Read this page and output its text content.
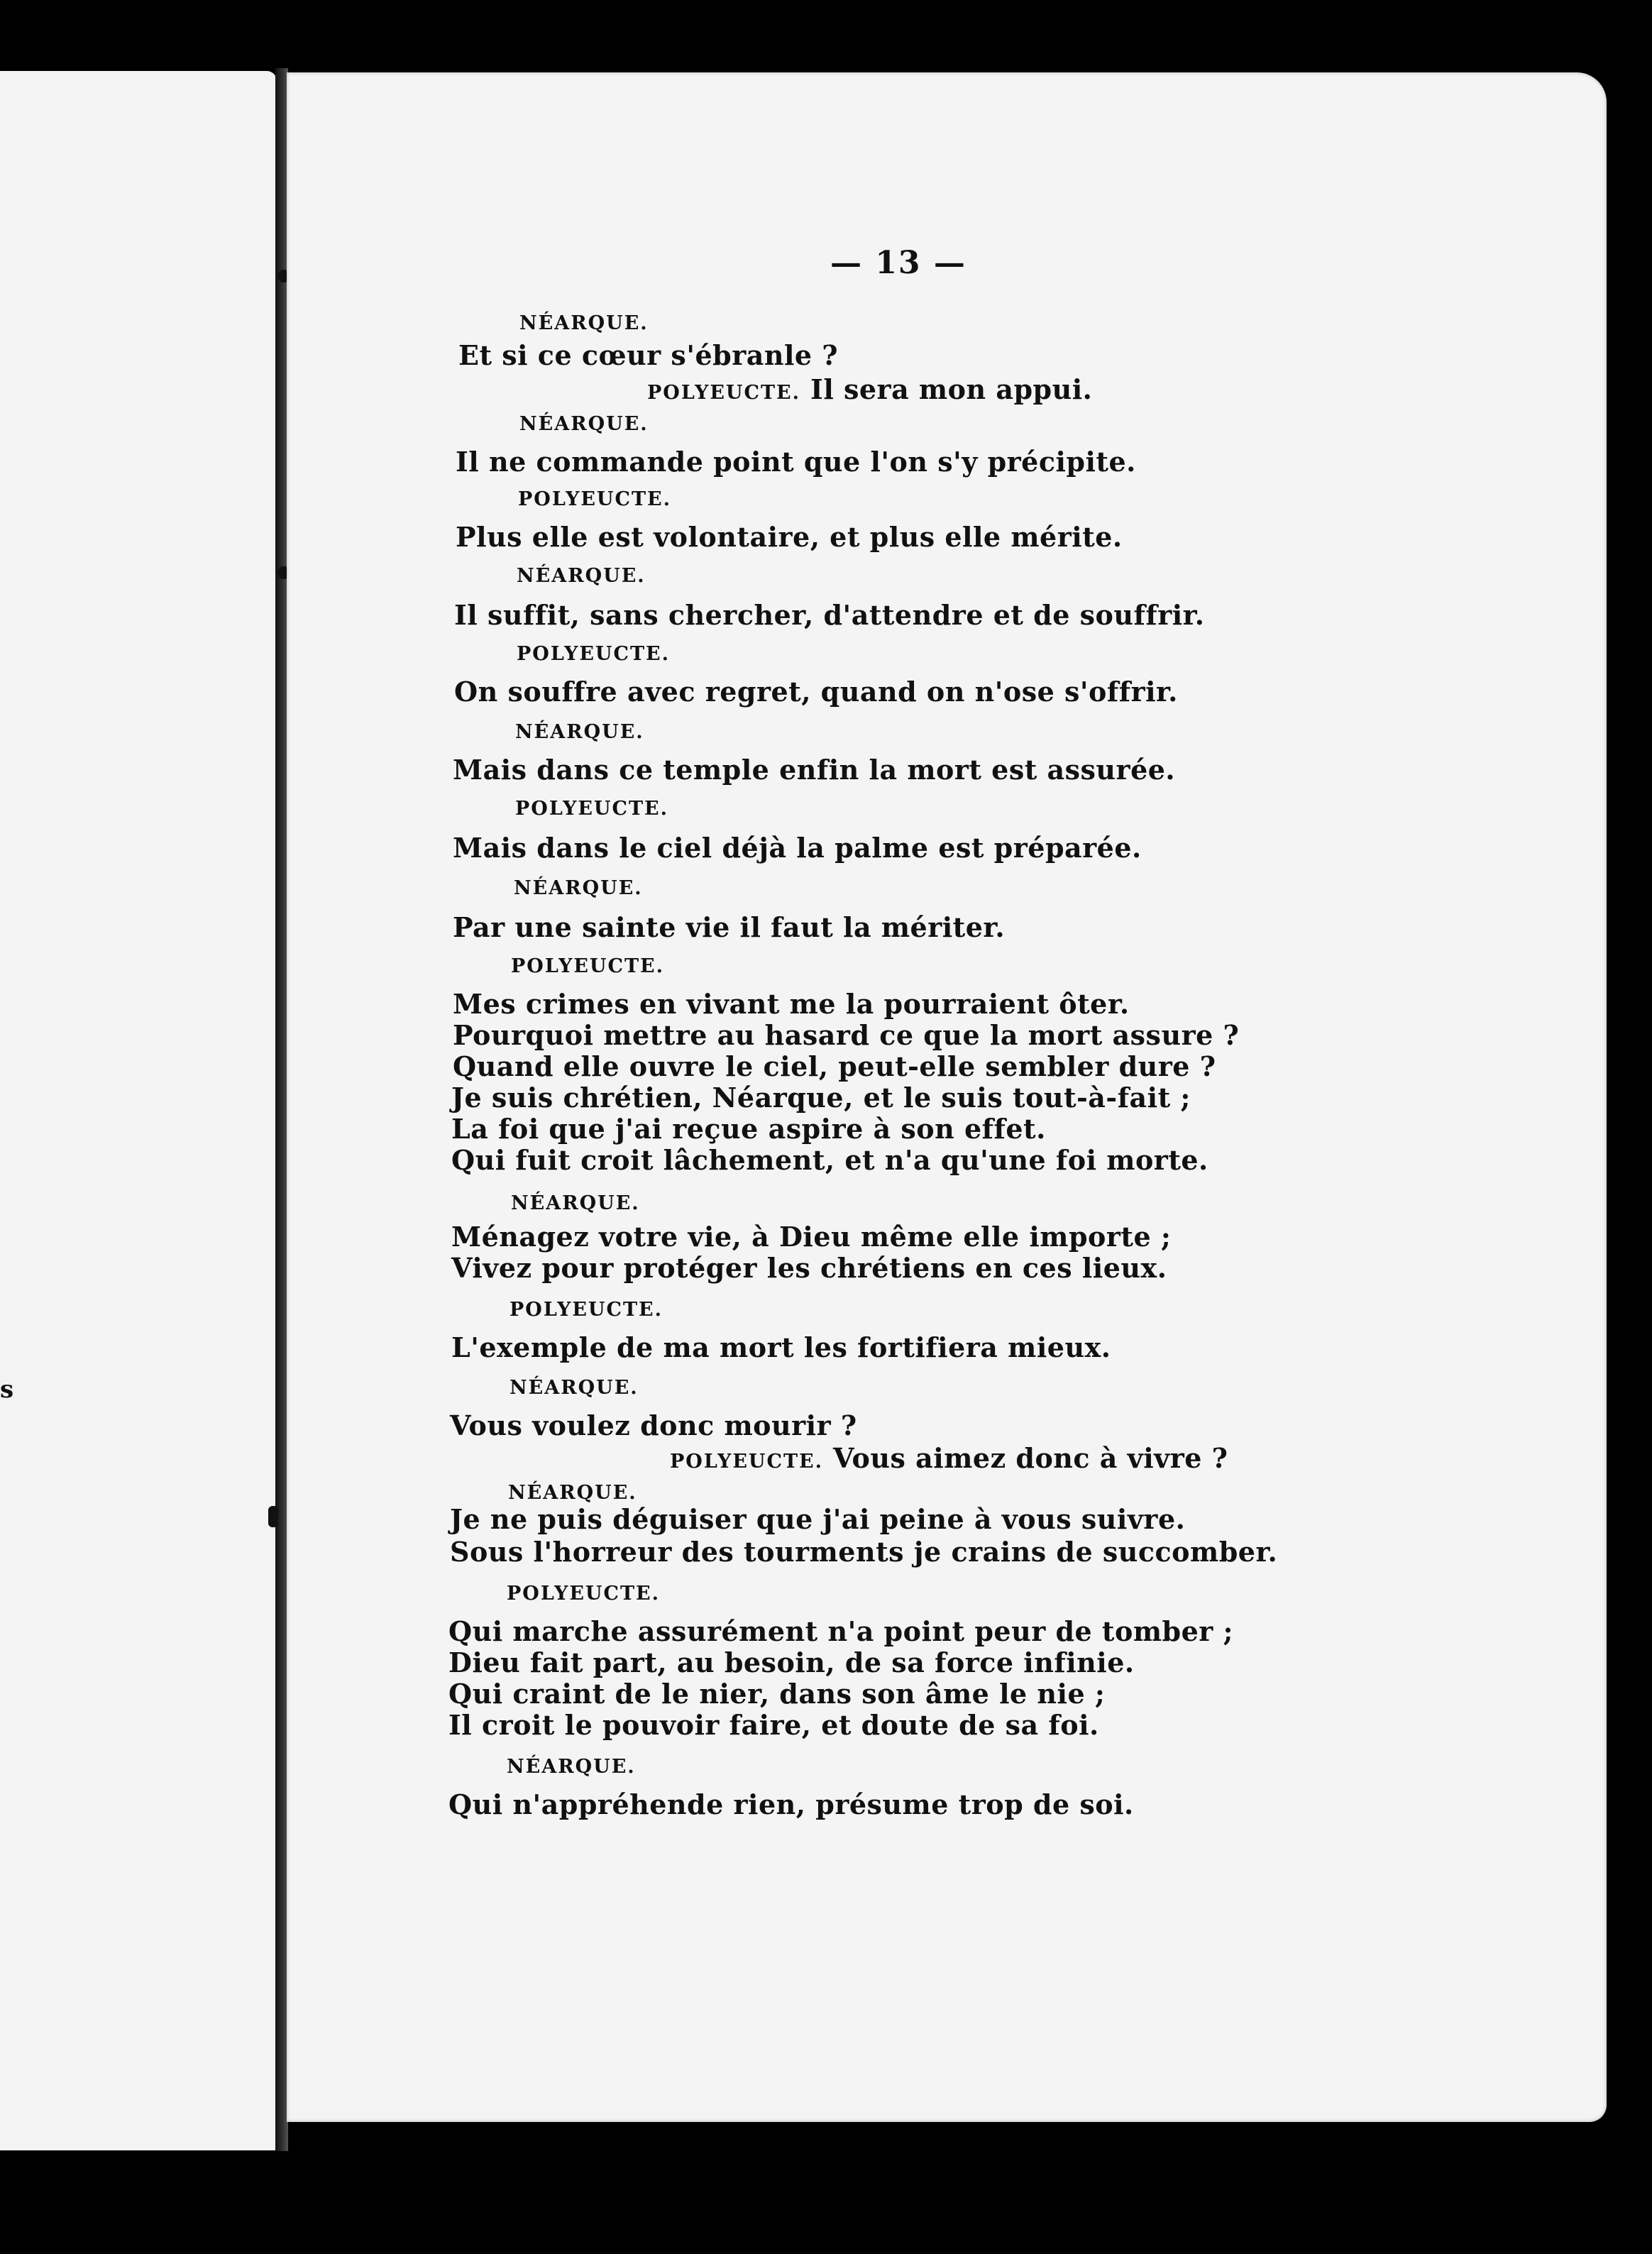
s
— 13 —
NÉARQUE.
Et si ce cœur s'ébranle ?
POLYEUCTE. Il sera mon appui.
NÉARQUE.
Il ne commande point que l'on s'y précipite.
POLYEUCTE.
Plus elle est volontaire, et plus elle mérite.
NÉARQUE.
Il suffit, sans chercher, d'attendre et de souffrir.
POLYEUCTE.
On souffre avec regret, quand on n'ose s'offrir.
NÉARQUE.
Mais dans ce temple enfin la mort est assurée.
POLYEUCTE.
Mais dans le ciel déjà la palme est préparée.
NÉARQUE.
Par une sainte vie il faut la mériter.
POLYEUCTE.
Mes crimes en vivant me la pourraient ôter.
Pourquoi mettre au hasard ce que la mort assure ?
Quand elle ouvre le ciel, peut-elle sembler dure ?
Je suis chrétien, Néarque, et le suis tout-à-fait ;
La foi que j'ai reçue aspire à son effet.
Qui fuit croit lâchement, et n'a qu'une foi morte.
NÉARQUE.
Ménagez votre vie, à Dieu même elle importe ;
Vivez pour protéger les chrétiens en ces lieux.
POLYEUCTE.
L'exemple de ma mort les fortifiera mieux.
NÉARQUE.
Vous voulez donc mourir ?
POLYEUCTE. Vous aimez donc à vivre ?
NÉARQUE.
Je ne puis déguiser que j'ai peine à vous suivre.
Sous l'horreur des tourments je crains de succomber.
POLYEUCTE.
Qui marche assurément n'a point peur de tomber ;
Dieu fait part, au besoin, de sa force infinie.
Qui craint de le nier, dans son âme le nie ;
Il croit le pouvoir faire, et doute de sa foi.
NÉARQUE.
Qui n'appréhende rien, présume trop de soi.
